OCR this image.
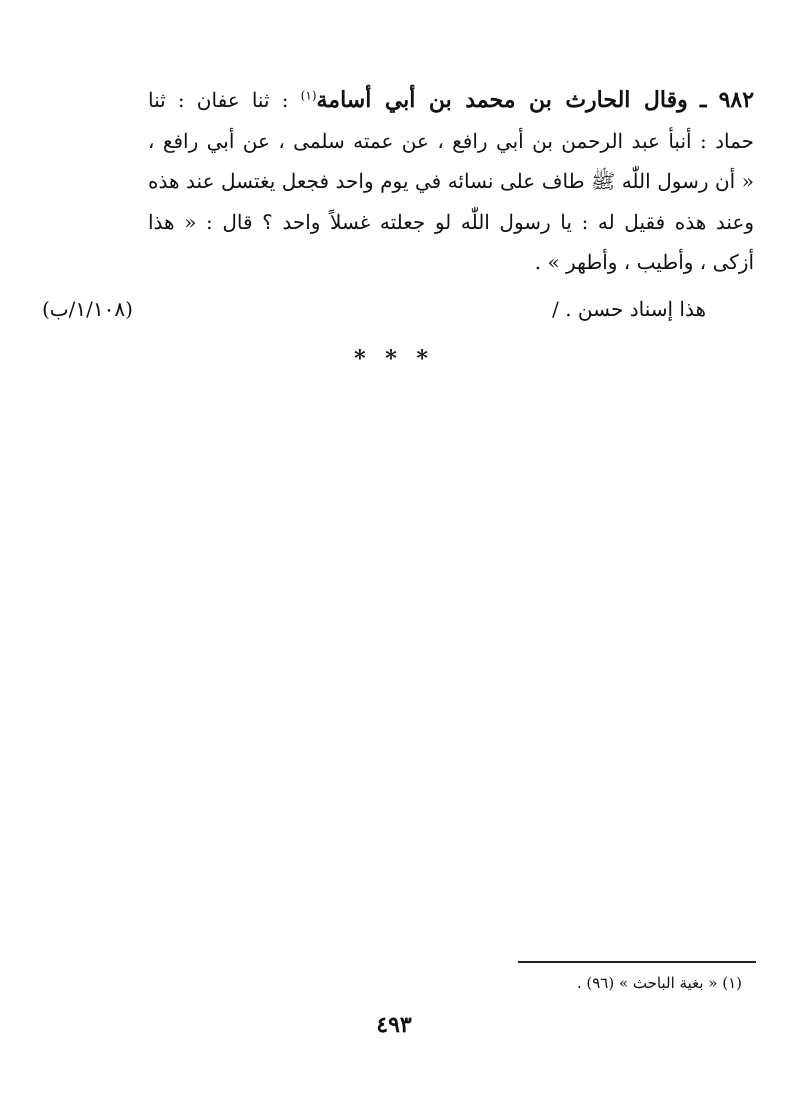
٩٨٢ ـ وقال الحارث بن محمد بن أبي أسامة$^{(١)}$ : ثنا عفان : ثنا
حماد : أنبأ عبد الرحمن بن أبي رافع ، عن عمته سلمى ، عن أبي رافع ،
« أن رسول اللّٰه ﷺ طاف على نسائه في يوم واحد فجعل يغتسل عند هذه
وعند هذه فقيل له : يا رسول اللّٰه لو جعلته غسلاً واحد ؟ قال : « هذا
أزكى ، وأطيب ، وأطهر » .
هذا إسناد حسن . /
(١/١٠٨/ب)
* * *
(١) « بغية الباحث » (٩٦) .
٤٩٣
